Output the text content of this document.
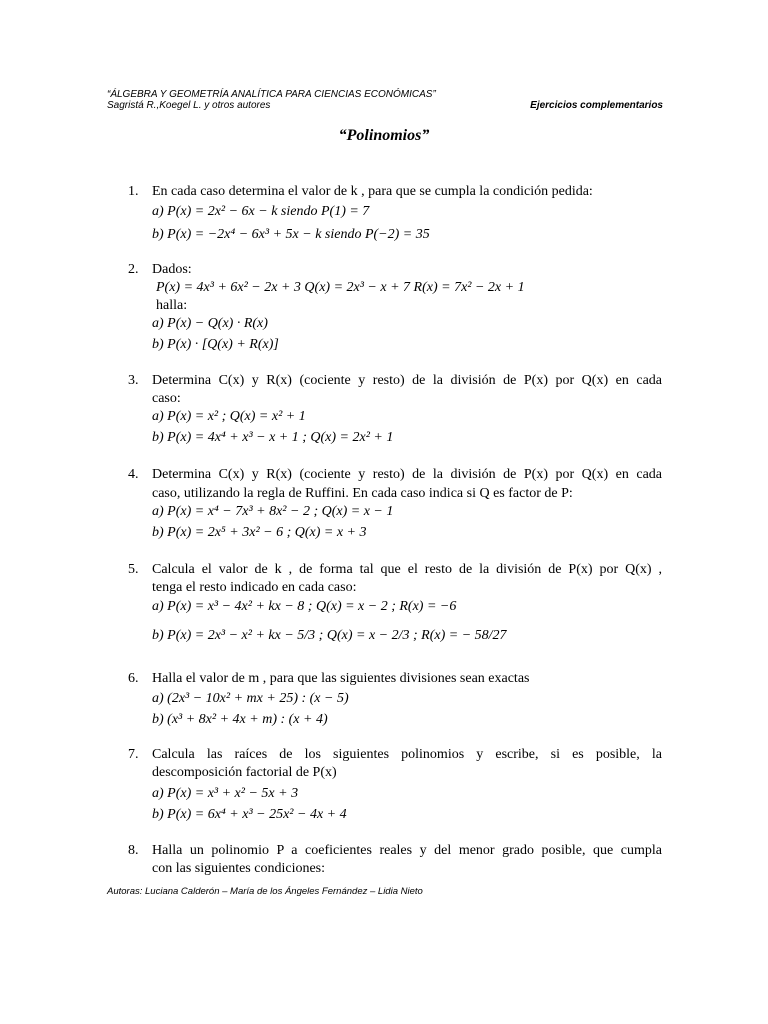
“ÁLGEBRA Y GEOMETRÍA ANALÍTICA PARA CIENCIAS ECONÓMICAS”
Sagristá R.,Koegel L. y otros autores	Ejercicios complementarios
“Polinomios”
1. En cada caso determina el valor de k , para que se cumpla la condición pedida:
a) P(x) = 2x² − 6x − k siendo P(1) = 7
b) P(x) = −2x⁴ − 6x³ + 5x − k siendo P(−2) = 35
2. Dados:
P(x) = 4x³ + 6x² − 2x + 3 Q(x) = 2x³ − x + 7 R(x) = 7x² − 2x + 1
halla:
a) P(x) − Q(x) · R(x)
b) P(x) · [Q(x) + R(x)]
3. Determina C(x) y R(x) (cociente y resto) de la división de P(x) por Q(x) en cada
caso:
a) P(x) = x² ; Q(x) = x² + 1
b) P(x) = 4x⁴ + x³ − x + 1 ; Q(x) = 2x² + 1
4. Determina C(x) y R(x) (cociente y resto) de la división de P(x) por Q(x) en cada
caso, utilizando la regla de Ruffini. En cada caso indica si Q es factor de P:
a) P(x) = x⁴ − 7x³ + 8x² − 2 ; Q(x) = x − 1
b) P(x) = 2x⁵ + 3x² − 6 ; Q(x) = x + 3
5. Calcula el valor de k , de forma tal que el resto de la división de P(x) por Q(x) ,
tenga el resto indicado en cada caso:
a) P(x) = x³ − 4x² + kx − 8 ; Q(x) = x − 2 ; R(x) = −6
b) P(x) = 2x³ − x² + kx − 5/3 ; Q(x) = x − 2/3 ; R(x) = − 58/27
6. Halla el valor de m , para que las siguientes divisiones sean exactas
a) (2x³ − 10x² + mx + 25) : (x − 5)
b) (x³ + 8x² + 4x + m) : (x + 4)
7. Calcula las raíces de los siguientes polinomios y escribe, si es posible, la
descomposición factorial de P(x)
a) P(x) = x³ + x² − 5x + 3
b) P(x) = 6x⁴ + x³ − 25x² − 4x + 4
8. Halla un polinomio P a coeficientes reales y del menor grado posible, que cumpla
con las siguientes condiciones:
Autoras: Luciana Calderón – María de los Ángeles Fernández – Lidia Nieto
